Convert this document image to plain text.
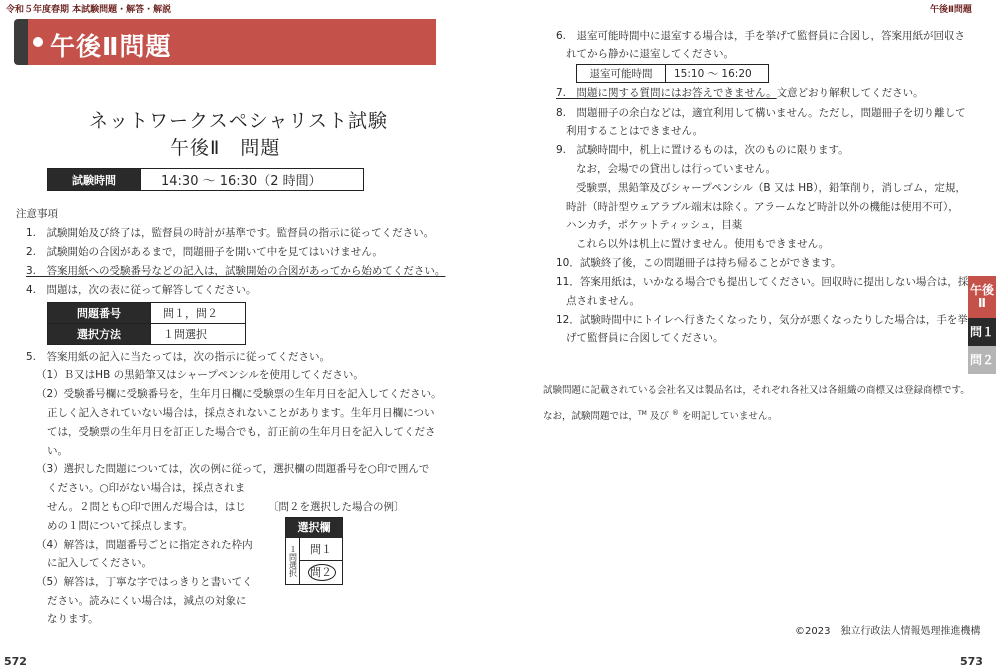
令和５年度春期 本試験問題・解答・解説	午後Ⅱ問題
午後Ⅱ問題
ネットワークスペシャリスト試験
午後Ⅱ　問題
試験時間	14:30 ～ 16:30（2 時間）
注意事項
1.　試験開始及び終了は，監督員の時計が基準です。監督員の指示に従ってください。
2.　試験開始の合図があるまで，問題冊子を開いて中を見てはいけません。
3.　答案用紙への受験番号などの記入は，試験開始の合図があってから始めてください。
4.　問題は，次の表に従って解答してください。
問題番号	問１，問２
選択方法	１問選択
5.　答案用紙の記入に当たっては，次の指示に従ってください。
（1）Ｂ又はHB の黒鉛筆又はシャープペンシルを使用してください。
（2）受験番号欄に受験番号を，生年月日欄に受験票の生年月日を記入してください。
正しく記入されていない場合は，採点されないことがあります。生年月日欄につい
ては，受験票の生年月日を訂正した場合でも，訂正前の生年月日を記入してくださ
い。
（3）選択した問題については，次の例に従って，選択欄の問題番号を○印で囲んで
ください。○印がない場合は，採点されま
せん。２問とも○印で囲んだ場合は，はじ
めの１問について採点します。
（4）解答は，問題番号ごとに指定された枠内
に記入してください。
（5）解答は，丁寧な字ではっきりと書いてく
ださい。読みにくい場合は，減点の対象に
なります。
〔問２を選択した場合の例〕
選択欄
１問選択	問１
問２
572
6.　退室可能時間中に退室する場合は，手を挙げて監督員に合図し，答案用紙が回収さ
れてから静かに退室してください。
退室可能時間	15:10 ～ 16:20
7.　問題に関する質問にはお答えできません。文意どおり解釈してください。
8.　問題冊子の余白などは，適宜利用して構いません。ただし，問題冊子を切り離して
利用することはできません。
9.　試験時間中，机上に置けるものは，次のものに限ります。
なお，会場での貸出しは行っていません。
受験票，黒鉛筆及びシャープペンシル（B 又は HB），鉛筆削り，消しゴム，定規，
時計（時計型ウェアラブル端末は除く。アラームなど時計以外の機能は使用不可），
ハンカチ，ポケットティッシュ，目薬
これら以外は机上に置けません。使用もできません。
10．試験終了後，この問題冊子は持ち帰ることができます。
11．答案用紙は，いかなる場合でも提出してください。回収時に提出しない場合は，採
点されません。
12．試験時間中にトイレへ行きたくなったり，気分が悪くなったりした場合は，手を挙
げて監督員に合図してください。
試験問題に記載されている会社名又は製品名は，それぞれ各社又は各組織の商標又は登録商標です。
なお，試験問題では，™ 及び ® を明記していません。
©2023　独立行政法人情報処理推進機構
573
午後Ⅱ
問１
問２
